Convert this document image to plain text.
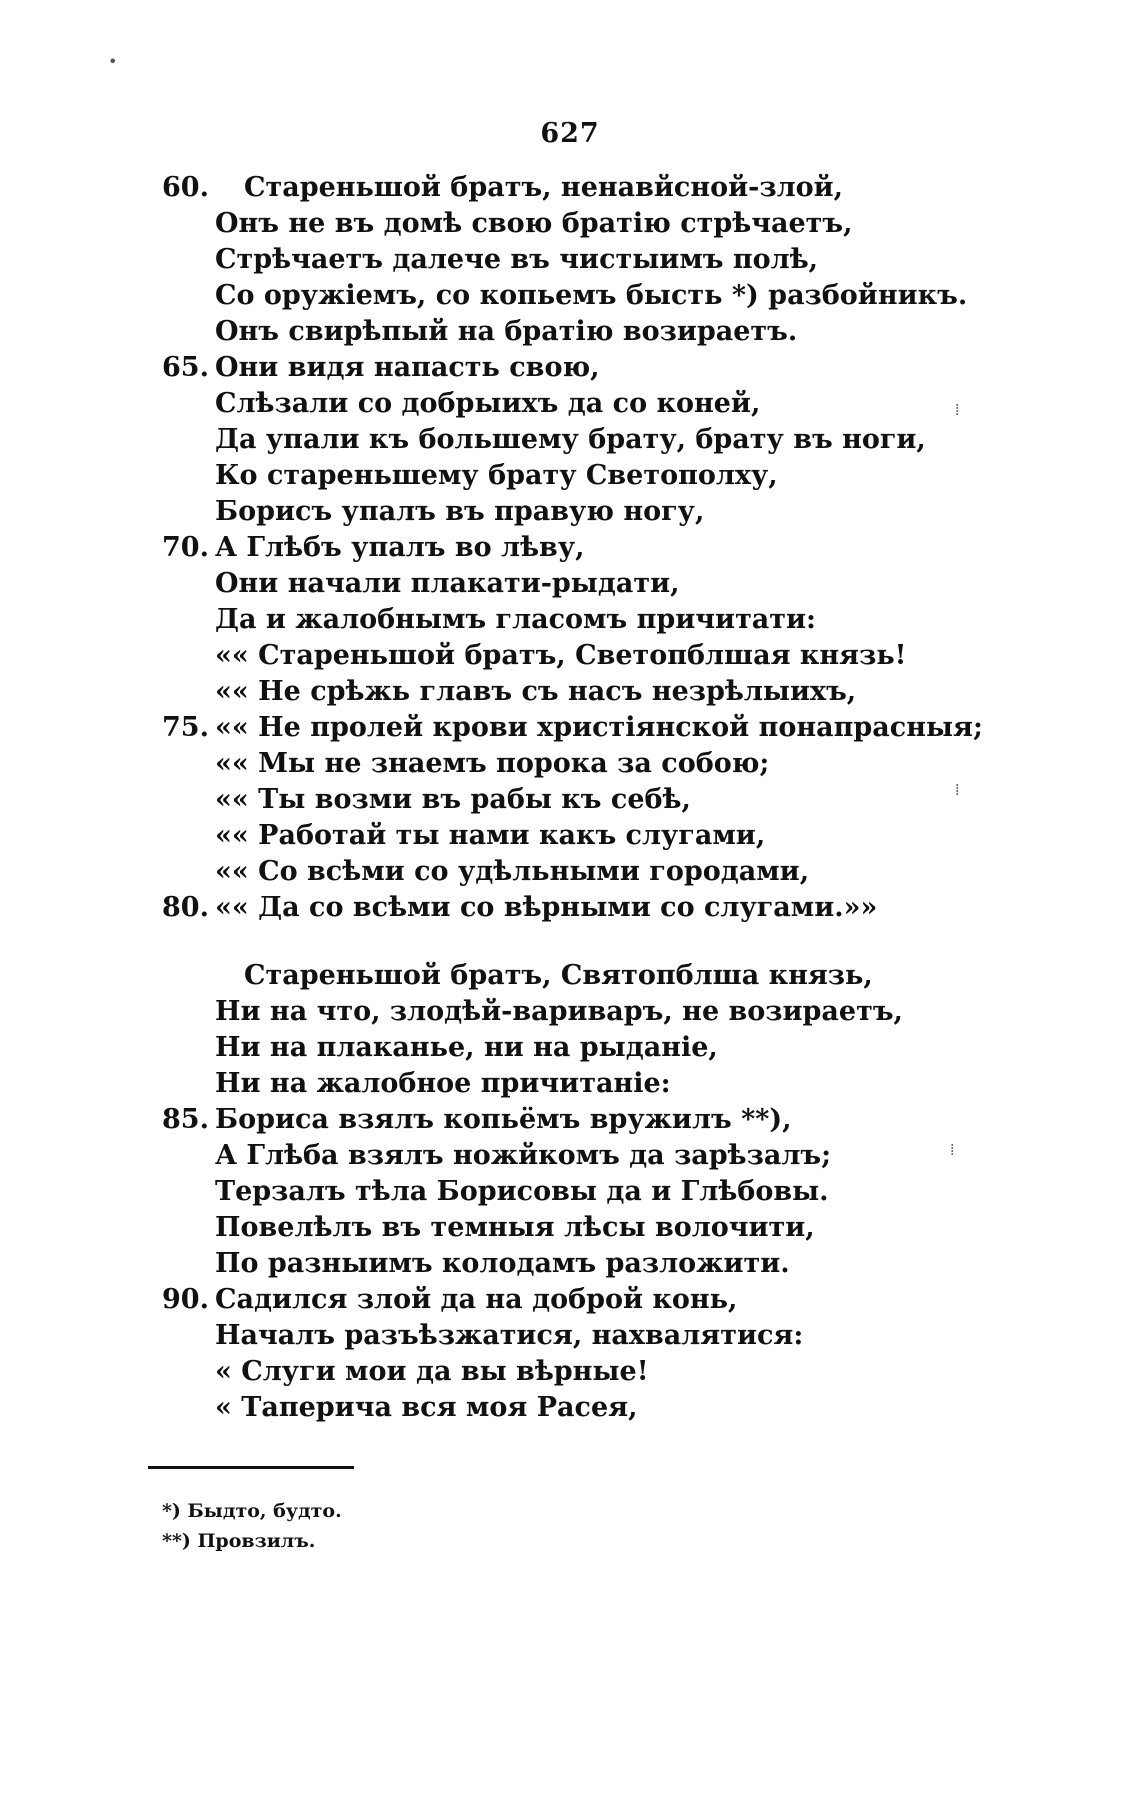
627
60. Стареньшой братъ, ненавйсной-злой,
Онъ не въ домѣ свою братію стрѣчаетъ,
Стрѣчаетъ далече въ чистыимъ полѣ,
Со оружіемъ, со копьемъ бысть *) разбойникъ.
Онъ свирѣпый на братію возираетъ.
65. Они видя напасть свою,
Слѣзали со добрыихъ да со коней,
Да упали къ большему брату, брату въ ноги,
Ко стареньшему брату Светополху,
Борисъ упалъ въ правую ногу,
70. А Глѣбъ упалъ во лѣву,
Они начали плакати-рыдати,
Да и жалобнымъ гласомъ причитати:
«« Стареньшой братъ, Светопблшая князь!
«« Не срѣжь главъ съ насъ незрѣлыихъ,
75. «« Не пролей крови христіянской понапрасныя;
«« Мы не знаемъ порока за собою;
«« Ты возми въ рабы къ себѣ,
«« Работай ты нами какъ слугами,
«« Со всѣми со удѣльными городами,
80. «« Да со всѣми со вѣрными со слугами.»»
Стареньшой братъ, Святопблша князь,
Ни на что, злодѣй-вариваръ, не возираетъ,
Ни на плаканье, ни на рыданіе,
Ни на жалобное причитаніе:
85. Бориса взялъ копьёмъ вружилъ **),
А Глѣба взялъ ножйкомъ да зарѣзалъ;
Терзалъ тѣла Борисовы да и Глѣбовы.
Повелѣлъ въ темныя лѣсы волочити,
По разныимъ колодамъ разложити.
90. Садился злой да на доброй конь,
Началъ разъѣзжатися, нахвалятися:
« Слуги мои да вы вѣрные!
« Таперича вся моя Расея,
*) Быдто, будто.
**) Провзилъ.
•
⁞
⁞
⁞
